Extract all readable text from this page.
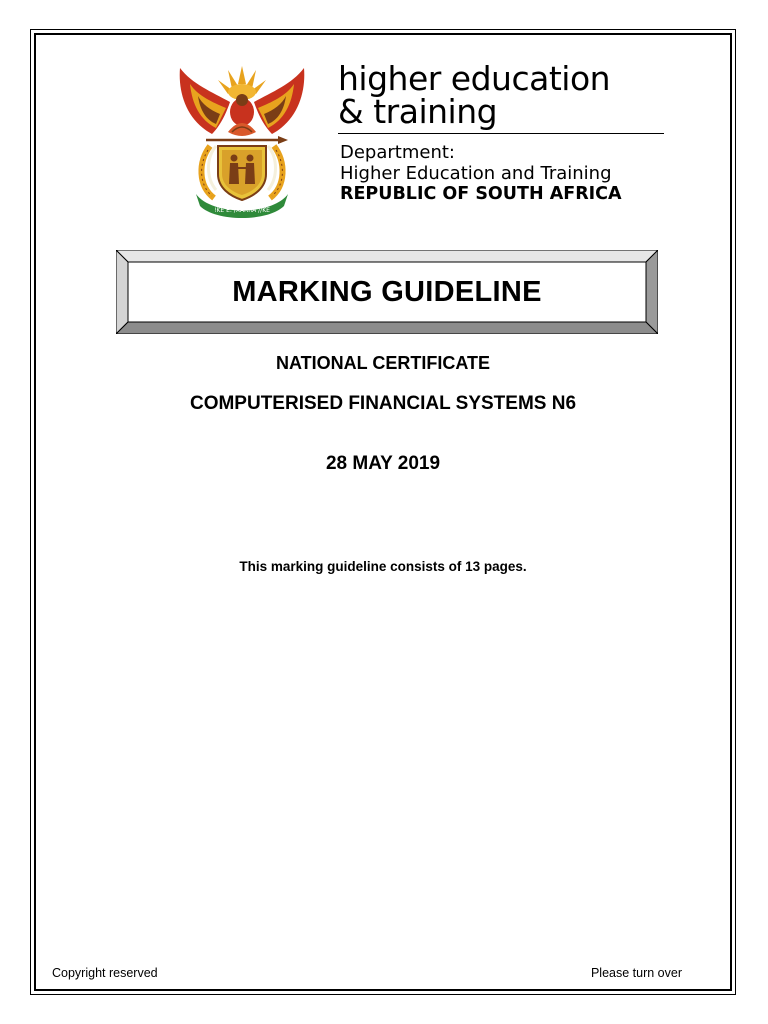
!KE E: /XARRA //KE
higher education
& training
Department:
Higher Education and Training
REPUBLIC OF SOUTH AFRICA
MARKING GUIDELINE
NATIONAL CERTIFICATE
COMPUTERISED FINANCIAL SYSTEMS N6
28 MAY 2019
This marking guideline consists of 13 pages.
Copyright reserved	Please turn over
